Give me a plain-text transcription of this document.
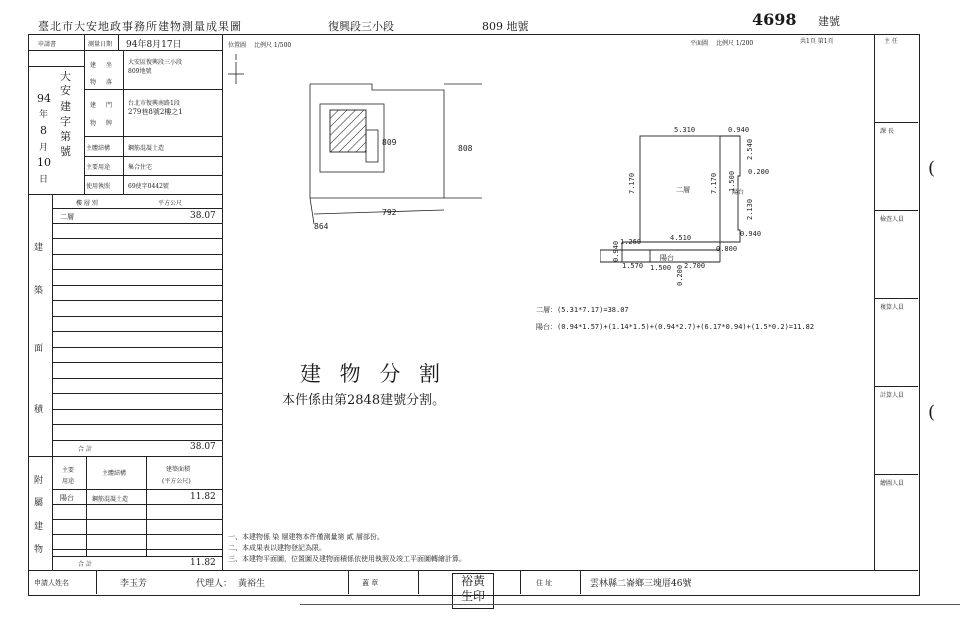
臺北市大安地政事務所建物測量成果圖	復興段三小段	809 地號	4698 建號
申請書	測量日期 94年8月17日
大
安
建
字
第
號
94
年
8
月
10
日
建 坐
物 落
大安區復興段三小段
809地號
建 門
物 牌
台北市復興南路1段
279巷8號2樓之1
主體結構	鋼筋混凝土造
主要用途	集合住宅
使用執照	69使字0442號
樓 層 別	平方公尺
建
築
面
積
二層	38.07
合 計	38.07
附
屬
建
物
主要
用途
主體結構
建築面積
(平方公尺)
陽台	鋼筋混凝土造	11.82
合 計	11.82
位置圖 比例尺 1/500
809
808
792
864
平面圖 比例尺 1/200	共1頁 第1頁
5.310	0.940
7.170	7.170
2.540
0.200
1.500
2.130
0.940
1.260	4.510
0.800
0.940
1.570 1.500 2.700
0.200
二層	陽台
陽台
二層：(5.31*7.17)=38.07
陽台：(0.94*1.57)+(1.14*1.5)+(0.94*2.7)+(6.17*0.94)+(1.5*0.2)=11.82
建 物 分 割
本件係由第2848建號分割。
一、本建物係 染 層建物本件僅測量第 貳 層部份。
二、本成果表以建物登記為限。
三、本建物平面圖，位置圖及建物面積係依使用執照及竣工平面圖轉繪計算。
申請人姓名	李玉芳	代理人： 黃裕生	蓋 章	裕黃
生印
住 址	雲林縣二崙鄉三塊厝46號
主 任
課 長
檢查人員
複算人員
計算人員
繪圖人員
(
(
